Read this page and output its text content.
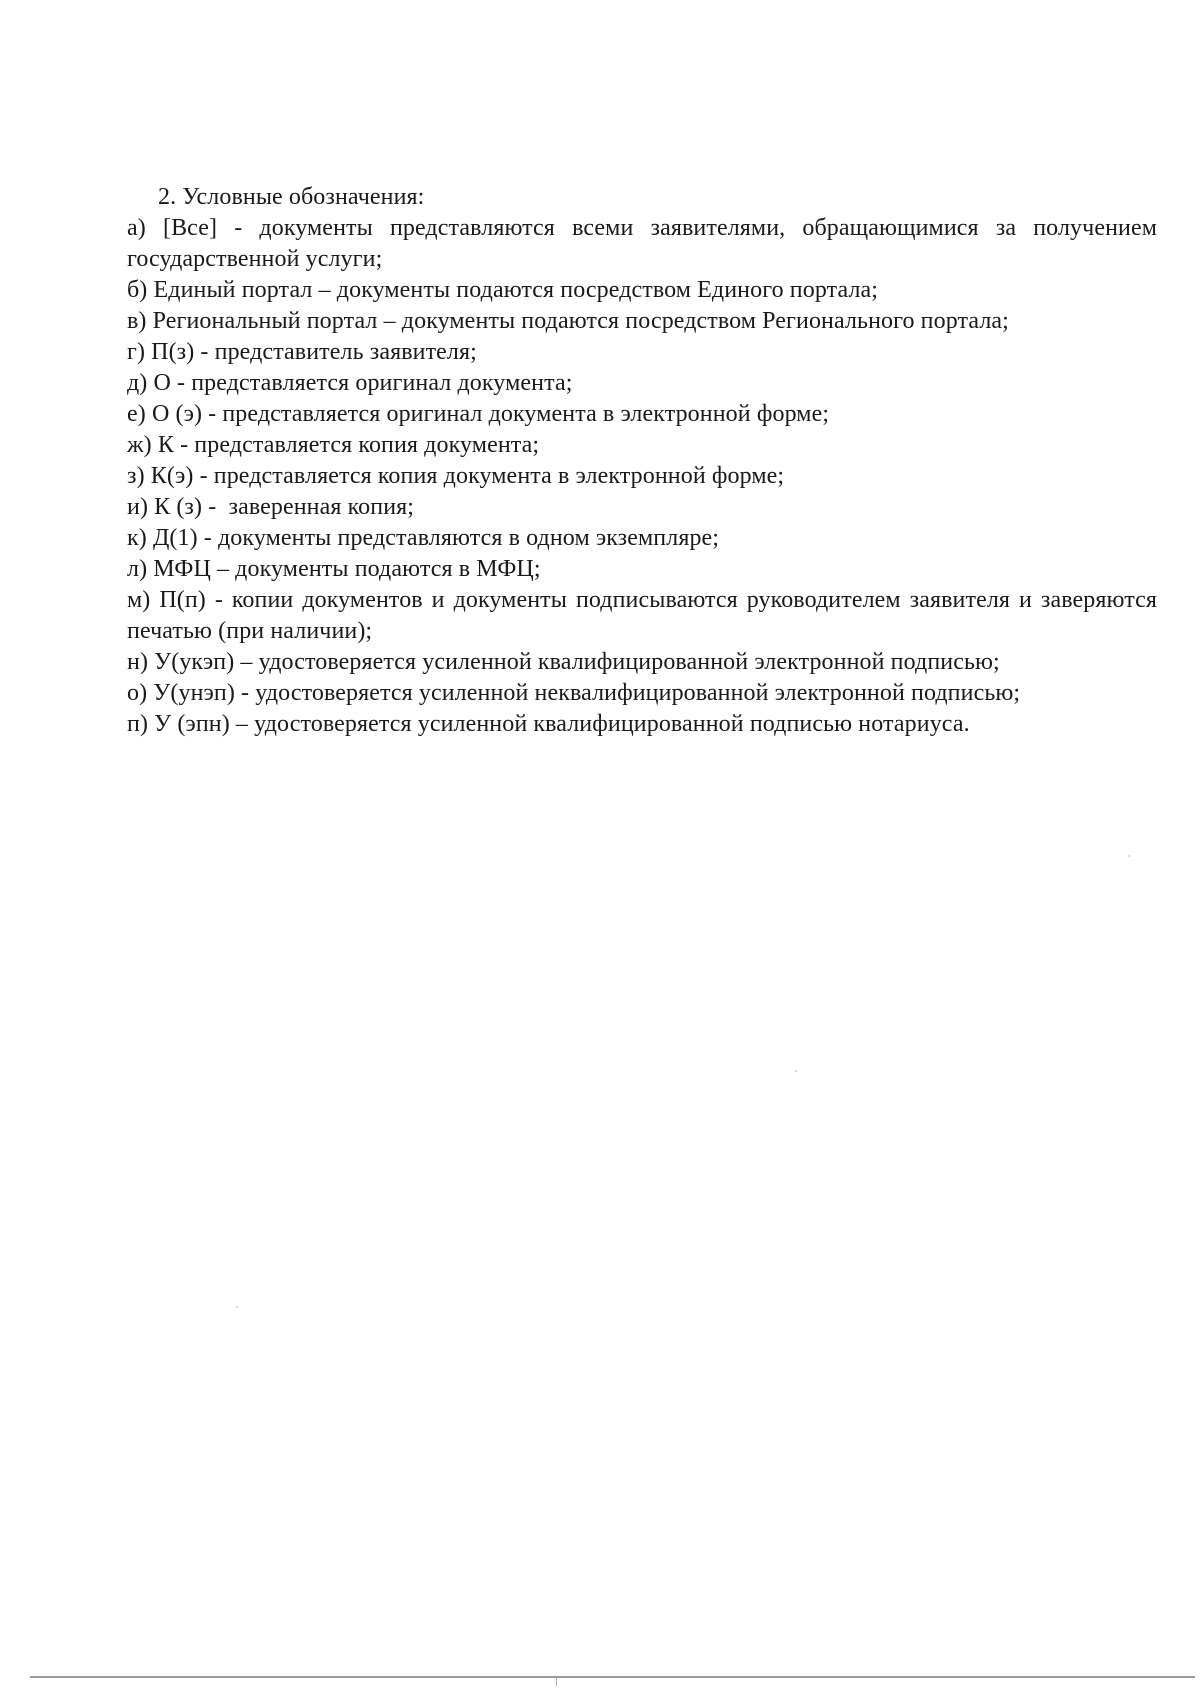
2. Условные обозначения:

а) [Все] - документы представляются всеми заявителями, обращающимися за получением государственной услуги;
б) Единый портал – документы подаются посредством Единого портала;
в) Региональный портал – документы подаются посредством Регионального портала;
г) П(з) - представитель заявителя;
д) О - представляется оригинал документа;
е) О (э) - представляется оригинал документа в электронной форме;
ж) К - представляется копия документа;
з) К(э) - представляется копия документа в электронной форме;
и) К (з) -  заверенная копия;
к) Д(1) - документы представляются в одном экземпляре;
л) МФЦ – документы подаются в МФЦ;
м) П(п) - копии документов и документы подписываются руководителем заявителя и заверяются печатью (при наличии);
н) У(укэп) – удостоверяется усиленной квалифицированной электронной подписью;
о) У(унэп) - удостоверяется усиленной неквалифицированной электронной подписью;
п) У (эпн) – удостоверяется усиленной квалифицированной подписью нотариуса.
